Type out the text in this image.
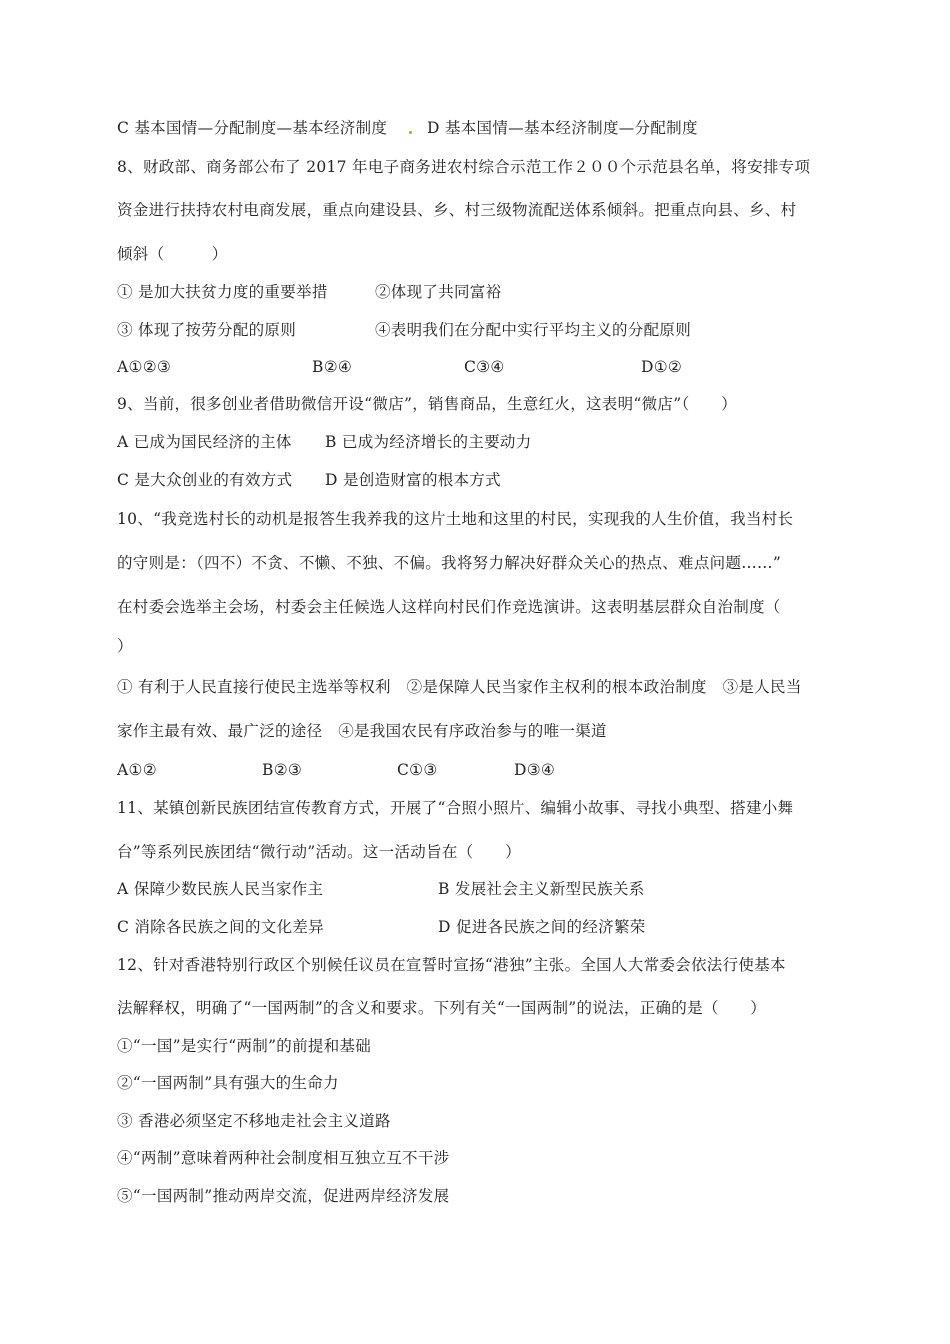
C 基本国情—分配制度—基本经济制度	D 基本国情—基本经济制度—分配制度
8、财政部、商务部公布了 2017 年电子商务进农村综合示范工作２００个示范县名单，将安排专项
资金进行扶持农村电商发展，重点向建设县、乡、村三级物流配送体系倾斜。把重点向县、乡、村
倾斜（　　　）
① 是加大扶贫力度的重要举措	②体现了共同富裕
③ 体现了按劳分配的原则	④表明我们在分配中实行平均主义的分配原则
A①②③	B②④	C③④	D①②
9、当前，很多创业者借助微信开设“微店”，销售商品，生意红火，这表明“微店”（　　）
A 已成为国民经济的主体 B 已成为经济增长的主要动力
C 是大众创业的有效方式 D 是创造财富的根本方式
10、“我竞选村长的动机是报答生我养我的这片土地和这里的村民，实现我的人生价值，我当村长
的守则是：（四不）不贪、不懒、不独、不偏。我将努力解决好群众关心的热点、难点问题……”
在村委会选举主会场，村委会主任候选人这样向村民们作竞选演讲。这表明基层群众自治制度（
）
① 有利于人民直接行使民主选举等权利　②是保障人民当家作主权利的根本政治制度　③是人民当
家作主最有效、最广泛的途径　④是我国农民有序政治参与的唯一渠道
A①②	B②③	C①③	D③④
11、某镇创新民族团结宣传教育方式，开展了“合照小照片、编辑小故事、寻找小典型、搭建小舞
台”等系列民族团结“微行动”活动。这一活动旨在（　　）
A 保障少数民族人民当家作主	B 发展社会主义新型民族关系
C 消除各民族之间的文化差异	D 促进各民族之间的经济繁荣
12、针对香港特别行政区个别候任议员在宣誓时宣扬“港独”主张。全国人大常委会依法行使基本
法解释权，明确了“一国两制”的含义和要求。下列有关“一国两制”的说法，正确的是（　　）
①“一国”是实行“两制”的前提和基础
②“一国两制”具有强大的生命力
③ 香港必须坚定不移地走社会主义道路
④“两制”意味着两种社会制度相互独立互不干涉
⑤“一国两制”推动两岸交流，促进两岸经济发展
